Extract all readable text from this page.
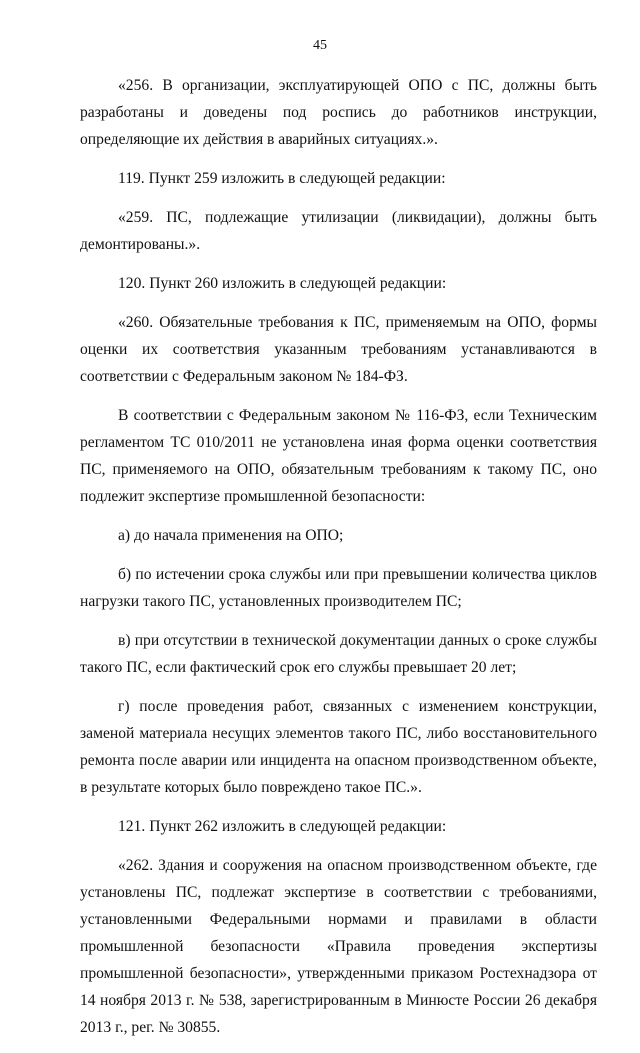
45

«256. В организации, эксплуатирующей ОПО с ПС, должны быть разработаны и доведены под роспись до работников инструкции, определяющие их действия в аварийных ситуациях.».

119. Пункт 259 изложить в следующей редакции:

«259. ПС, подлежащие утилизации (ликвидации), должны быть демонтированы.».

120. Пункт 260 изложить в следующей редакции:

«260. Обязательные требования к ПС, применяемым на ОПО, формы оценки их соответствия указанным требованиям устанавливаются в соответствии с Федеральным законом № 184-ФЗ.

В соответствии с Федеральным законом № 116-ФЗ, если Техническим регламентом ТС 010/2011 не установлена иная форма оценки соответствия ПС, применяемого на ОПО, обязательным требованиям к такому ПС, оно подлежит экспертизе промышленной безопасности:

а) до начала применения на ОПО;

б) по истечении срока службы или при превышении количества циклов нагрузки такого ПС, установленных производителем ПС;

в) при отсутствии в технической документации данных о сроке службы такого ПС, если фактический срок его службы превышает 20 лет;

г) после проведения работ, связанных с изменением конструкции, заменой материала несущих элементов такого ПС, либо восстановительного ремонта после аварии или инцидента на опасном производственном объекте, в результате которых было повреждено такое ПС.».

121. Пункт 262 изложить в следующей редакции:

«262. Здания и сооружения на опасном производственном объекте, где установлены ПС, подлежат экспертизе в соответствии с требованиями, установленными Федеральными нормами и правилами в области промышленной безопасности «Правила проведения экспертизы промышленной безопасности», утвержденными приказом Ростехнадзора от 14 ноября 2013 г. № 538, зарегистрированным в Минюсте России 26 декабря 2013 г., рег. № 30855.
